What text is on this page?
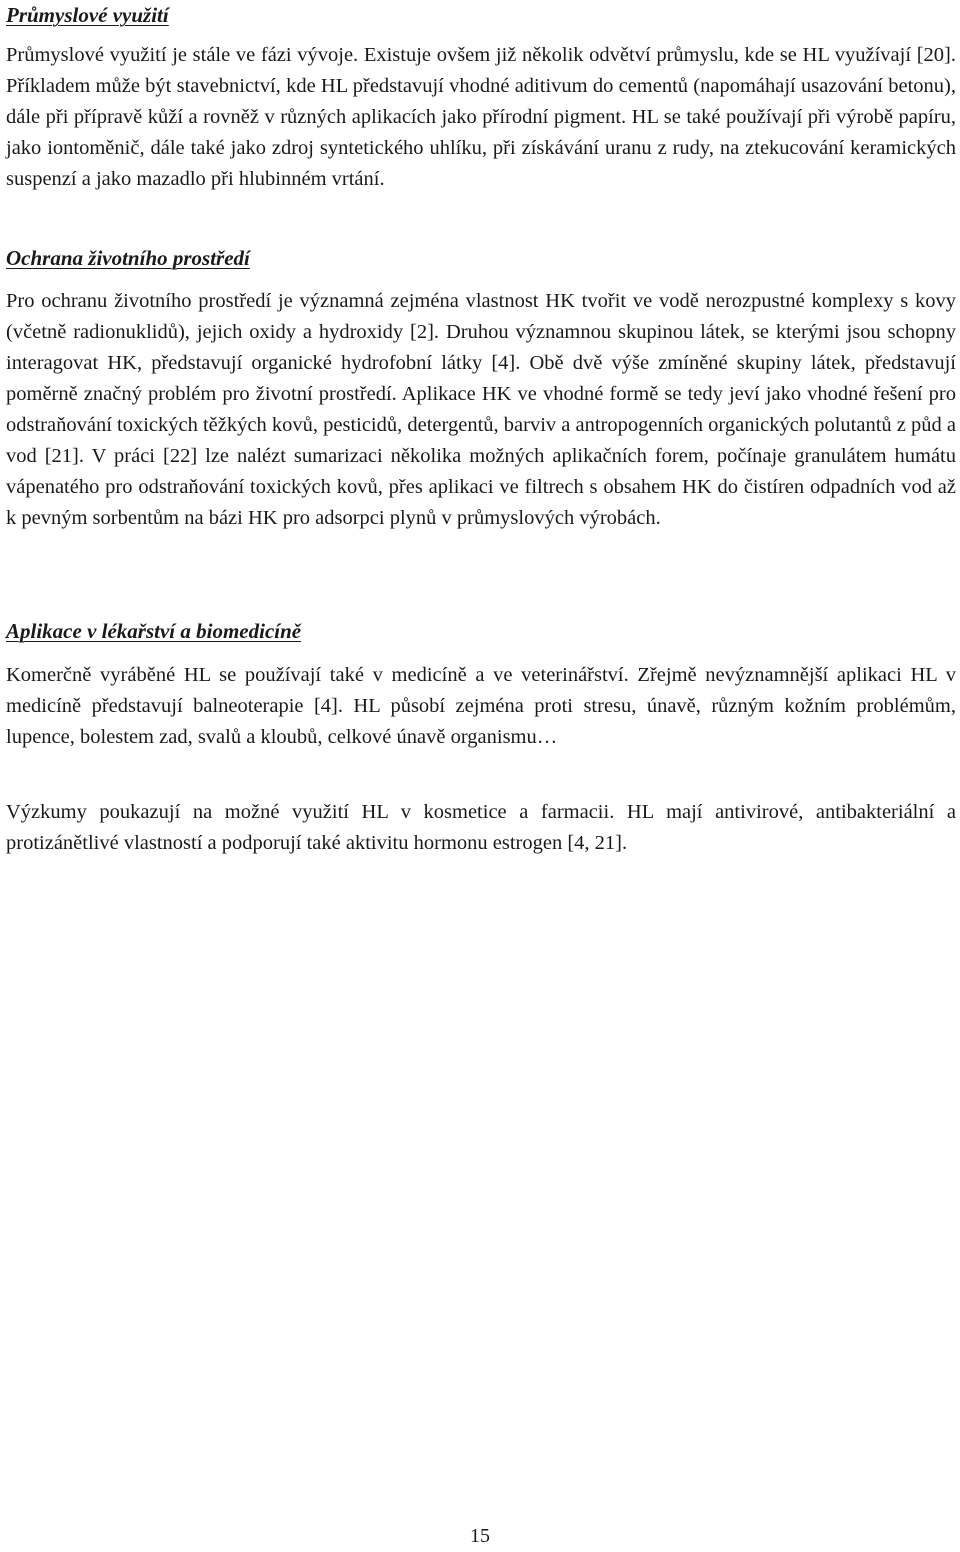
Průmyslové využití

Průmyslové využití je stále ve fázi vývoje. Existuje ovšem již několik odvětví průmyslu, kde se HL využívají [20]. Příkladem může být stavebnictví, kde HL představují vhodné aditivum do cementů (napomáhají usazování betonu), dále při přípravě kůží a rovněž v různých aplikacích jako přírodní pigment. HL se také používají při výrobě papíru, jako iontoměnič, dále také jako zdroj syntetického uhlíku, při získávání uranu z rudy, na ztekucování keramických suspenzí a jako mazadlo při hlubinném vrtání.

Ochrana životního prostředí

Pro ochranu životního prostředí je významná zejména vlastnost HK tvořit ve vodě nerozpustné komplexy s kovy (včetně radionuklidů), jejich oxidy a hydroxidy [2]. Druhou významnou skupinou látek, se kterými jsou schopny interagovat HK, představují organické hydrofobní látky [4]. Obě dvě výše zmíněné skupiny látek, představují poměrně značný problém pro životní prostředí. Aplikace HK ve vhodné formě se tedy jeví jako vhodné řešení pro odstraňování toxických těžkých kovů, pesticidů, detergentů, barviv a antropogenních organických polutantů z půd a vod [21]. V práci [22] lze nalézt sumarizaci několika možných aplikačních forem, počínaje granulátem humátu vápenatého pro odstraňování toxických kovů, přes aplikaci ve filtrech s obsahem HK do čistíren odpadních vod až k pevným sorbentům na bázi HK pro adsorpci plynů v průmyslových výrobách.

Aplikace v lékařství a biomedicíně

Komerčně vyráběné HL se používají také v medicíně a ve veterinářství. Zřejmě nevýznamnější aplikaci HL v medicíně představují balneoterapie [4]. HL působí zejména proti stresu, únavě, různým kožním problémům, lupence, bolestem zad, svalů a kloubů, celkové únavě organismu…

Výzkumy poukazují na možné využití HL v kosmetice a farmacii. HL mají antivirové, antibakteriální a protizánětlivé vlastností a podporují také aktivitu hormonu estrogen [4, 21].

15
